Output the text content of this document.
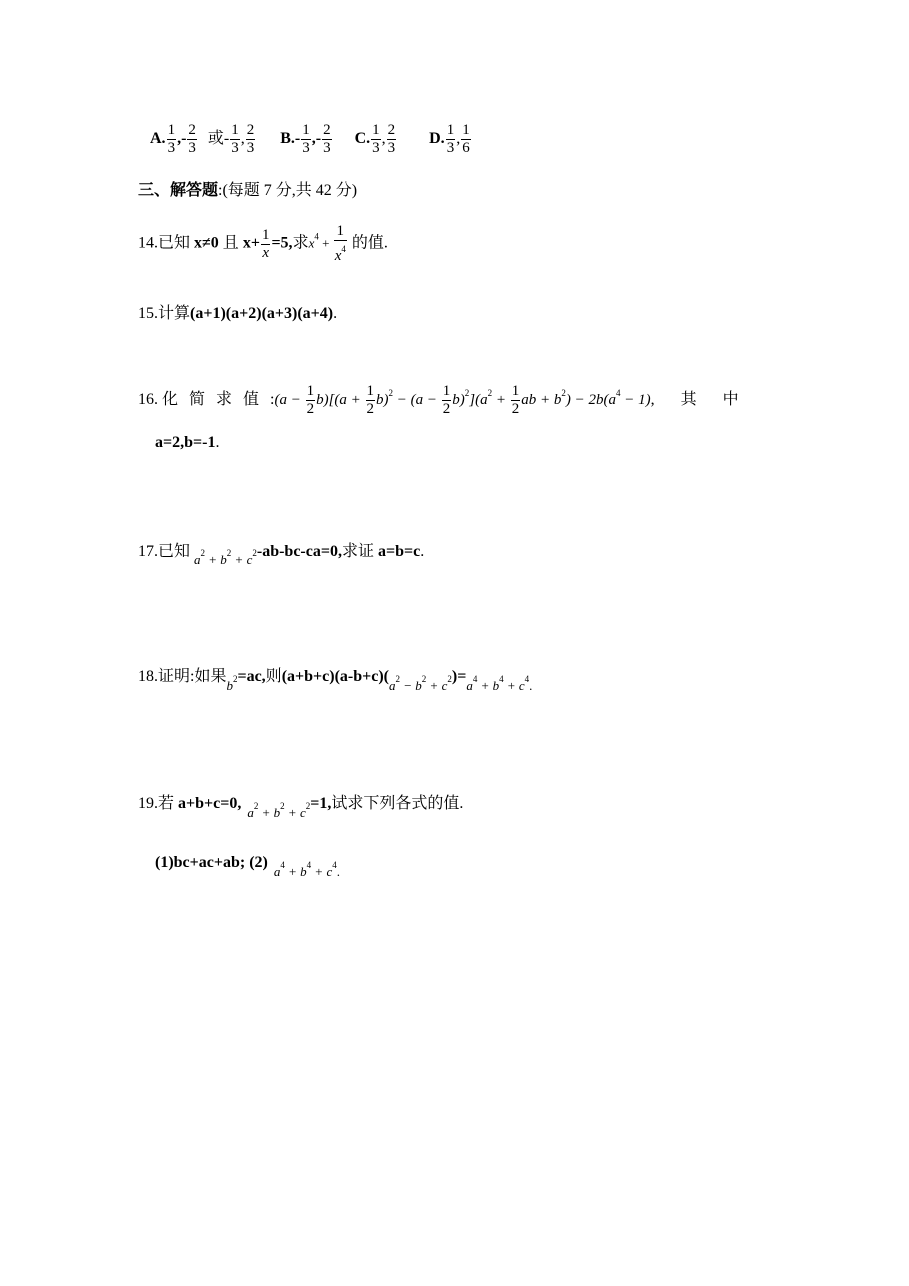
A. $\frac{1}{3}$ ,- $\frac{2}{3}$ 或- $\frac{1}{3}$ , $\frac{2}{3} B.- \frac{1}{3}$ ,- $\frac{2}{3} C$. $\frac{1}{3}$ , $\frac{2}{3} D$. $\frac{1}{3}$ , $\frac{1}{6}$
三、解答题:(每题 7 分,共 42 分)
14.已知 x≠0 且 $x+ \frac{1}{x} =5$,求$x^4 + \frac{1}{x^4}$ 的值.
15.计算(a+1)(a+2)(a+3)(a+4).
16. 化简求值:(a − $\frac{1}{2} b)[(a + \frac{1}{2} b)^2 - (a - \frac{1}{2} b)^2](a^2 + \frac{1}{2}$ ab + $b^2) - 2b(a^4 - 1)$, 其 中
a=2,b=-1.
17.已知 $_{a^2 + b^2 + c^2}$-ab-bc-ca=0,求证 a=b=c.
18.证明:如果$_{b^2}$=ac,则$(a+b+c)(a-b+c)(_{a^2 - b^2 + c^2})=_{a^4 + b^4 + c^4.}$
19.若 $a+b+c=0,_{a^2 + b^2 + c^2}=1$,试求下列各式的值.
(1)bc+ac+ab; $(2)_{a^4 + b^4 + c^4.}$
